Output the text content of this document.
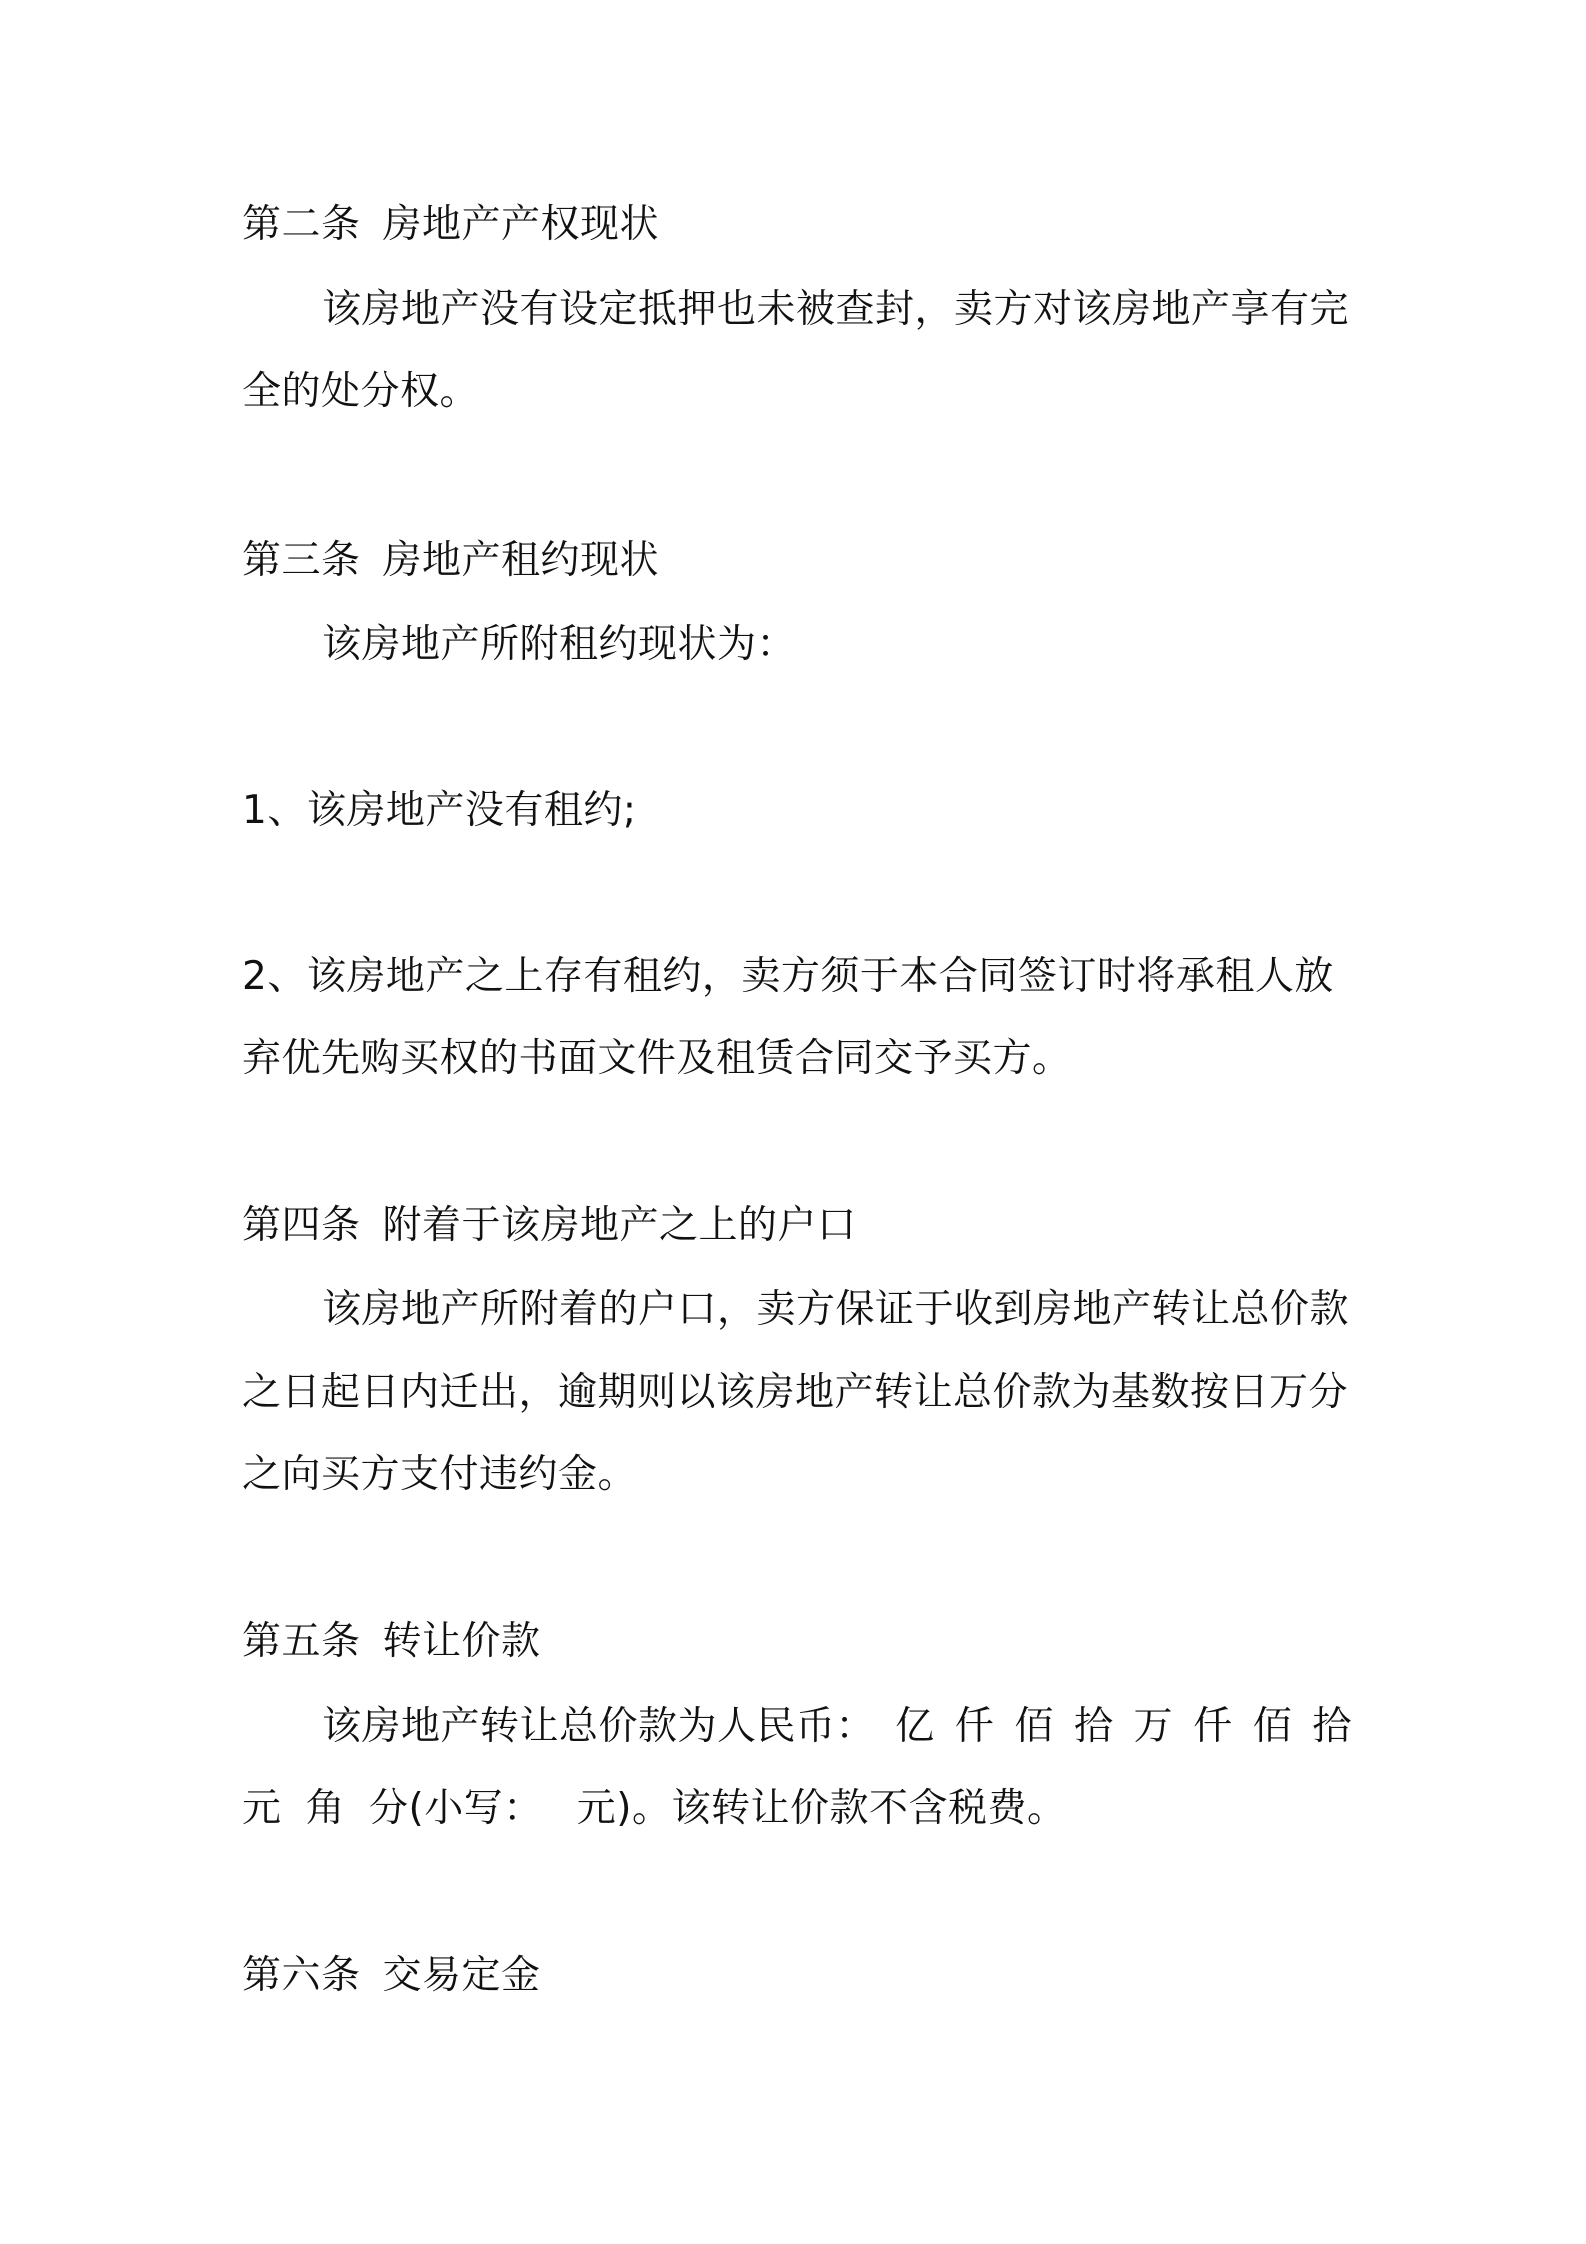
第二条 房地产产权现状
该房地产没有设定抵押也未被查封，卖方对该房地产享有完
全的处分权。
第三条 房地产租约现状
该房地产所附租约现状为：
1、该房地产没有租约;
2、该房地产之上存有租约，卖方须于本合同签订时将承租人放
弃优先购买权的书面文件及租赁合同交予买方。
第四条 附着于该房地产之上的户口
该房地产所附着的户口，卖方保证于收到房地产转让总价款
之日起日内迁出，逾期则以该房地产转让总价款为基数按日万分
之向买方支付违约金。
第五条 转让价款
该房地产转让总价款为人民币： 亿 仟 佰 拾 万 仟 佰 拾
元 角 分(小写： 元)。该转让价款不含税费。
第六条 交易定金
